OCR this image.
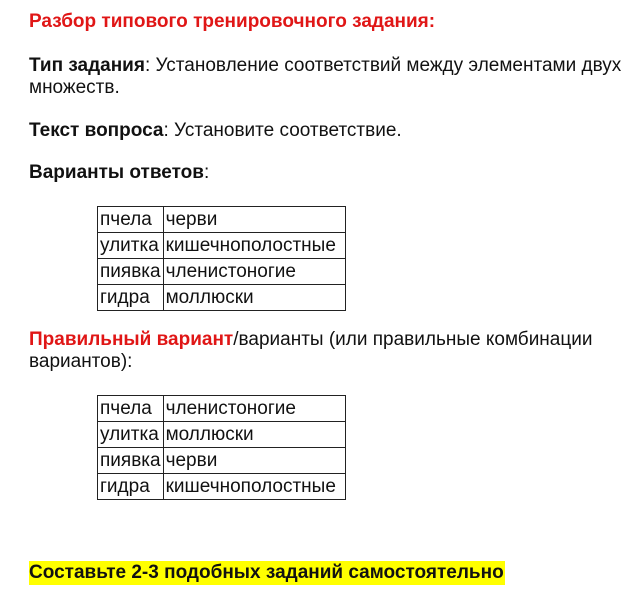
Разбор типового тренировочного задания:
Тип задания: Установление соответствий между элементами двух множеств.
Текст вопроса: Установите соответствие.
Варианты ответов:
пчела	черви
улитка	кишечнополостные
пиявка	членистоногие
гидра	моллюски
Правильный вариант/варианты (или правильные комбинации вариантов):
пчела	членистоногие
улитка	моллюски
пиявка	черви
гидра	кишечнополостные
Составьте 2-3 подобных заданий самостоятельно
